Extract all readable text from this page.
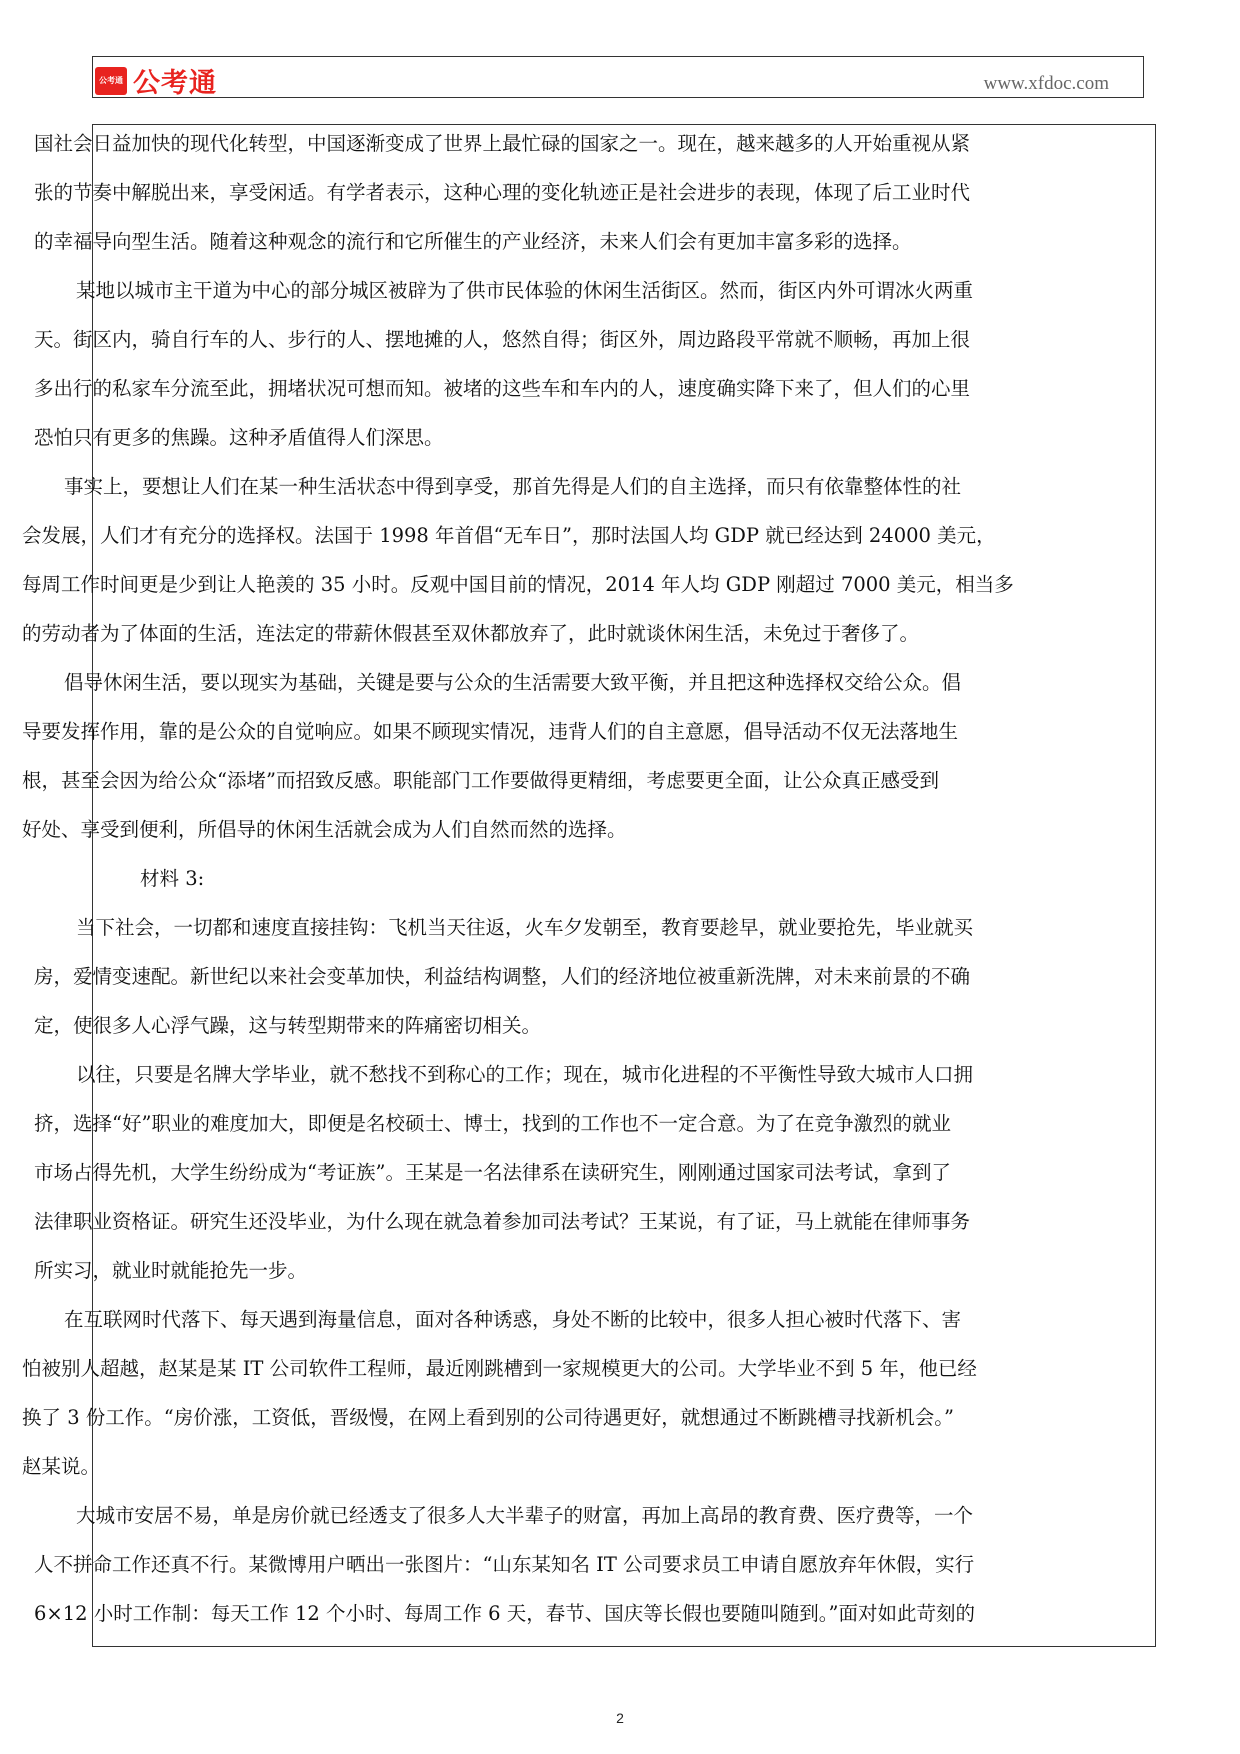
公考通 公考通	www.xfdoc.com
国社会日益加快的现代化转型，中国逐渐变成了世界上最忙碌的国家之一。现在，越来越多的人开始重视从紧
张的节奏中解脱出来，享受闲适。有学者表示，这种心理的变化轨迹正是社会进步的表现，体现了后工业时代
的幸福导向型生活。随着这种观念的流行和它所催生的产业经济，未来人们会有更加丰富多彩的选择。
某地以城市主干道为中心的部分城区被辟为了供市民体验的休闲生活街区。然而，街区内外可谓冰火两重
天。街区内，骑自行车的人、步行的人、摆地摊的人，悠然自得；街区外，周边路段平常就不顺畅，再加上很
多出行的私家车分流至此，拥堵状况可想而知。被堵的这些车和车内的人，速度确实降下来了，但人们的心里
恐怕只有更多的焦躁。这种矛盾值得人们深思。
事实上，要想让人们在某一种生活状态中得到享受，那首先得是人们的自主选择，而只有依靠整体性的社
会发展，人们才有充分的选择权。法国于 1998 年首倡“无车日”，那时法国人均 GDP 就已经达到 24000 美元，
每周工作时间更是少到让人艳羡的 35 小时。反观中国目前的情况，2014 年人均 GDP 刚超过 7000 美元，相当多
的劳动者为了体面的生活，连法定的带薪休假甚至双休都放弃了，此时就谈休闲生活，未免过于奢侈了。
倡导休闲生活，要以现实为基础，关键是要与公众的生活需要大致平衡，并且把这种选择权交给公众。倡
导要发挥作用，靠的是公众的自觉响应。如果不顾现实情况，违背人们的自主意愿，倡导活动不仅无法落地生
根，甚至会因为给公众“添堵”而招致反感。职能部门工作要做得更精细，考虑要更全面，让公众真正感受到
好处、享受到便利，所倡导的休闲生活就会成为人们自然而然的选择。
材料 3:
当下社会，一切都和速度直接挂钩：飞机当天往返，火车夕发朝至，教育要趁早，就业要抢先，毕业就买
房，爱情变速配。新世纪以来社会变革加快，利益结构调整，人们的经济地位被重新洗牌，对未来前景的不确
定，使很多人心浮气躁，这与转型期带来的阵痛密切相关。
以往，只要是名牌大学毕业，就不愁找不到称心的工作；现在，城市化进程的不平衡性导致大城市人口拥
挤，选择“好”职业的难度加大，即便是名校硕士、博士，找到的工作也不一定合意。为了在竞争激烈的就业
市场占得先机，大学生纷纷成为“考证族”。王某是一名法律系在读研究生，刚刚通过国家司法考试，拿到了
法律职业资格证。研究生还没毕业，为什么现在就急着参加司法考试？王某说，有了证，马上就能在律师事务
所实习，就业时就能抢先一步。
在互联网时代落下、每天遇到海量信息，面对各种诱惑，身处不断的比较中，很多人担心被时代落下、害
怕被别人超越，赵某是某 IT 公司软件工程师，最近刚跳槽到一家规模更大的公司。大学毕业不到 5 年，他已经
换了 3 份工作。“房价涨，工资低，晋级慢，在网上看到别的公司待遇更好，就想通过不断跳槽寻找新机会。”
赵某说。
大城市安居不易，单是房价就已经透支了很多人大半辈子的财富，再加上高昂的教育费、医疗费等，一个
人不拼命工作还真不行。某微博用户晒出一张图片：“山东某知名 IT 公司要求员工申请自愿放弃年休假，实行
6×12 小时工作制：每天工作 12 个小时、每周工作 6 天，春节、国庆等长假也要随叫随到。”面对如此苛刻的
2
